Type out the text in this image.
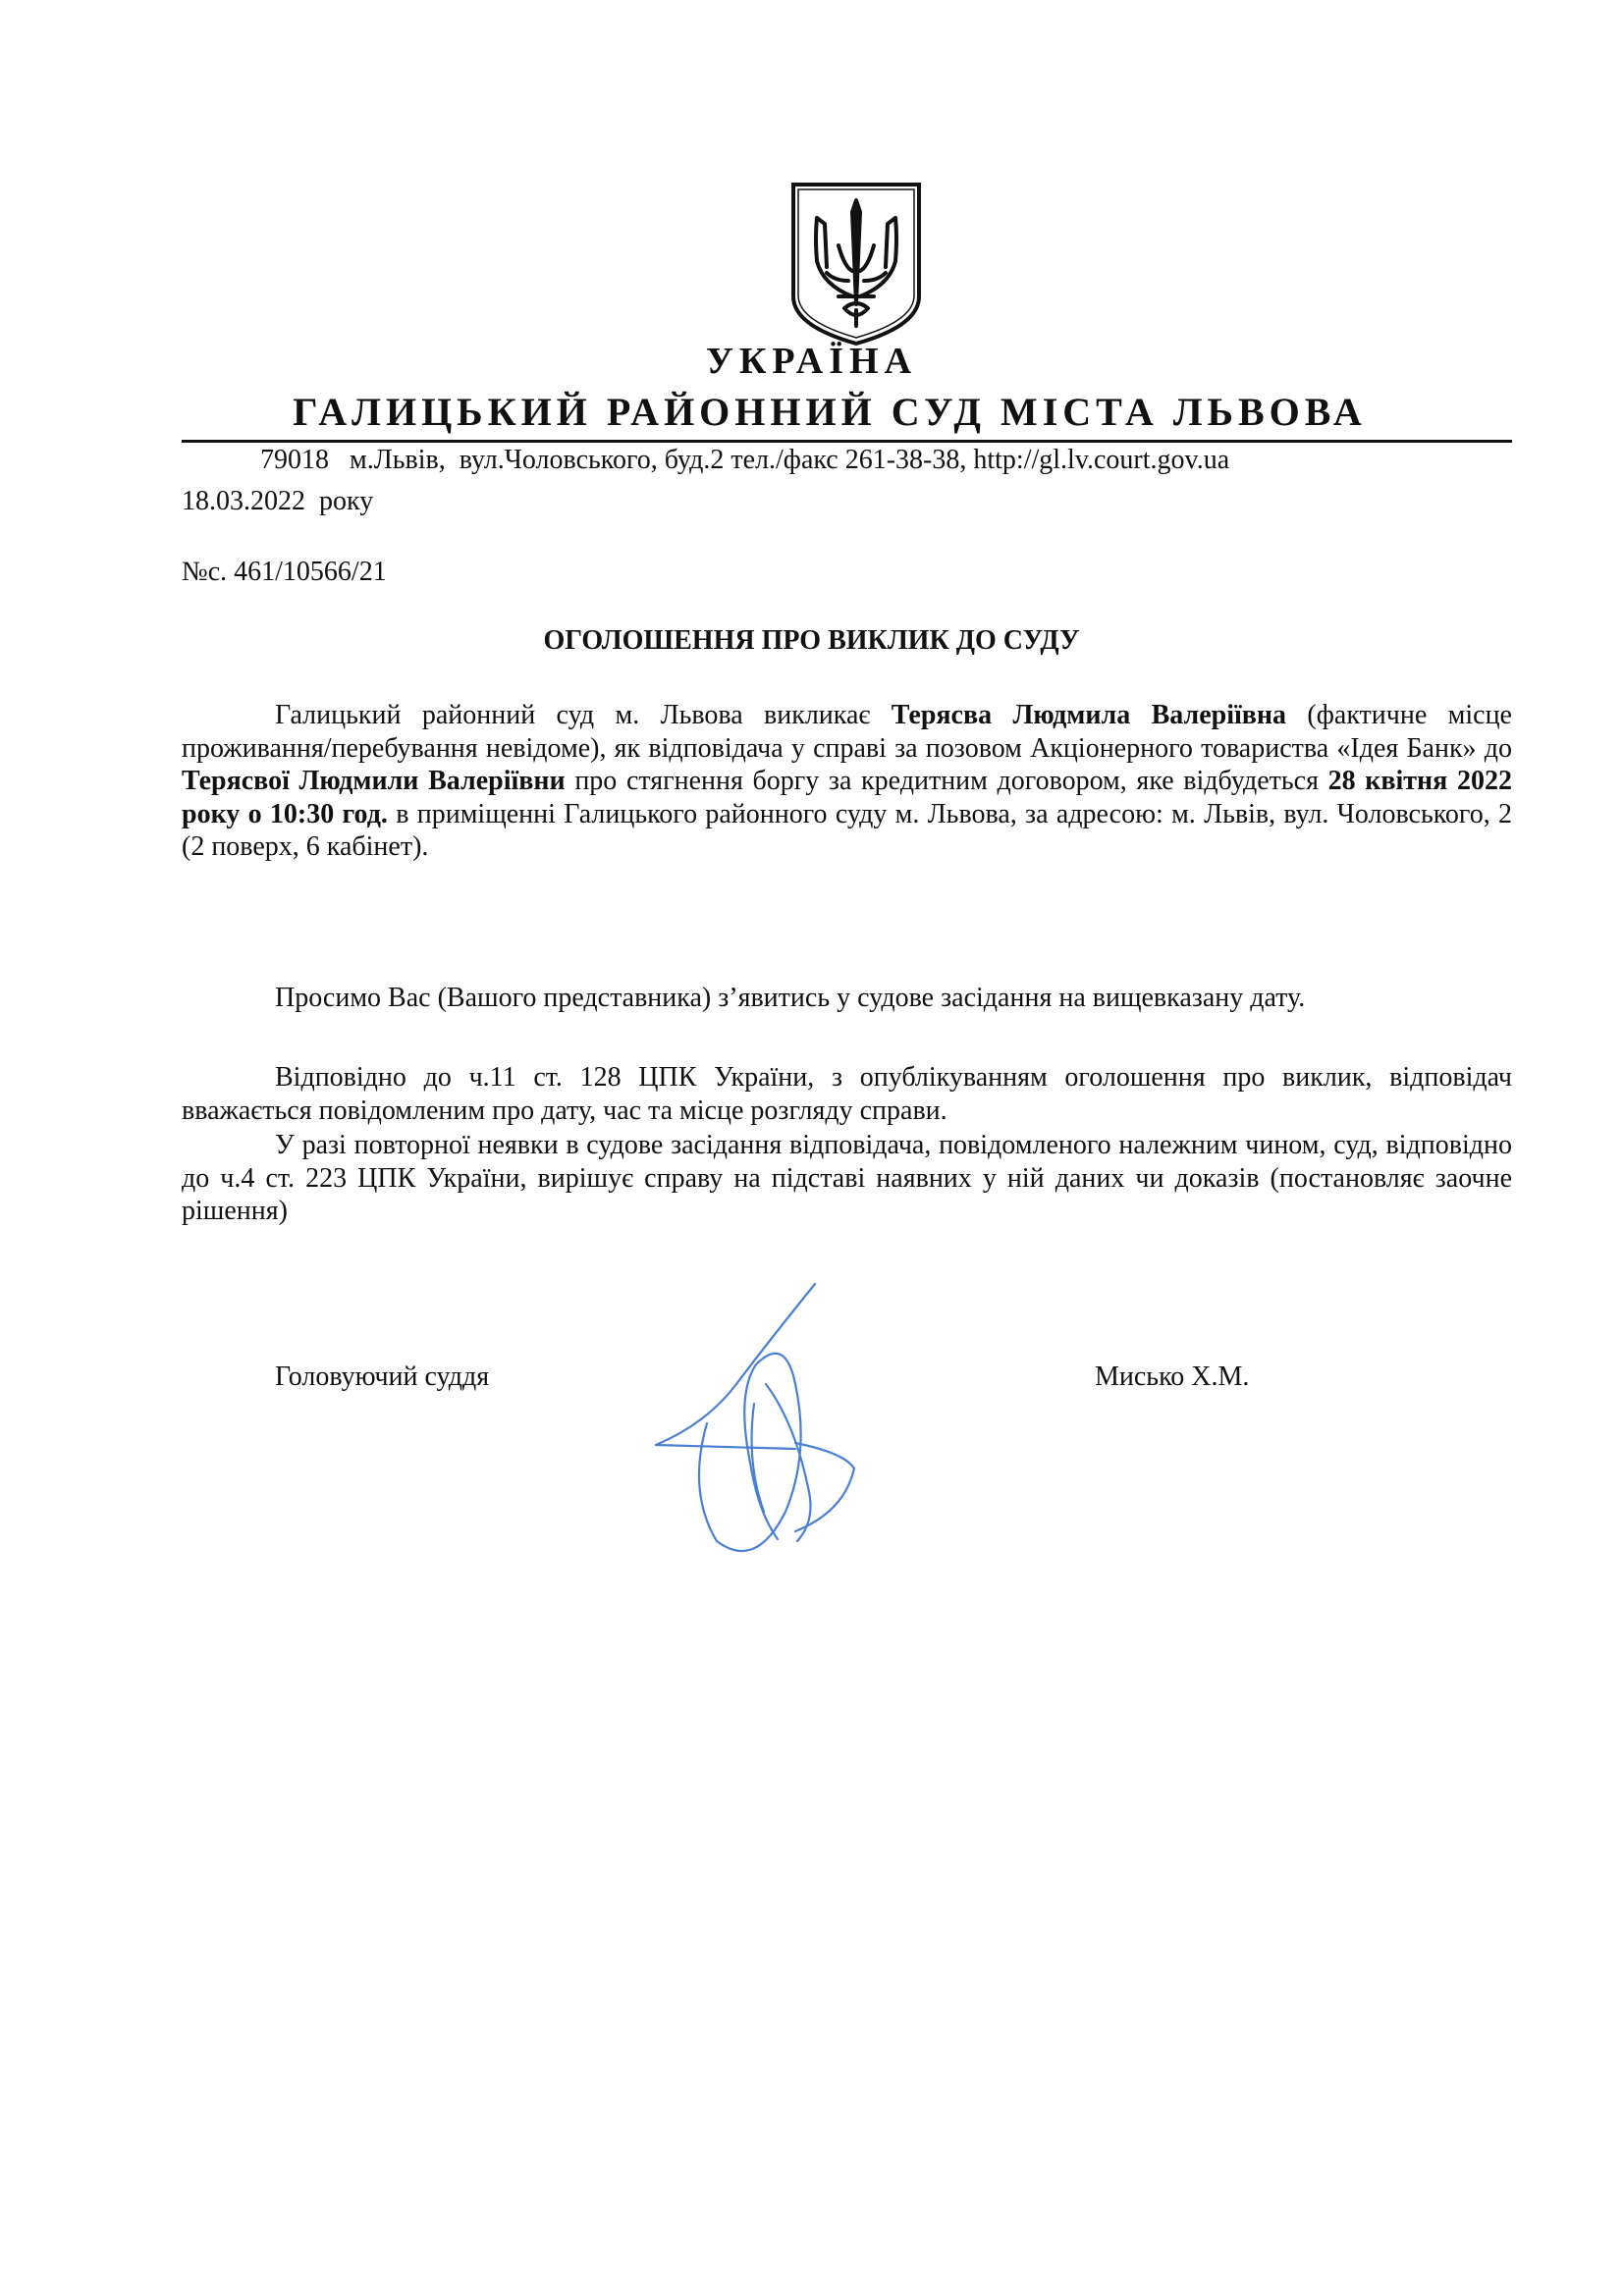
УКРАЇНА
ГАЛИЦЬКИЙ РАЙОННИЙ СУД МІСТА ЛЬВОВА
79018   м.Львів,  вул.Чоловського, буд.2 тел./факс 261-38-38, http://gl.lv.court.gov.ua
18.03.2022  року
№с. 461/10566/21
ОГОЛОШЕННЯ ПРО ВИКЛИК ДО СУДУ

Галицький районний суд м. Львова викликає Терясва Людмила Валеріївна (фактичне місце проживання/перебування невідоме), як відповідача у справі за позовом Акціонерного товариства «Ідея Банк» до Терясвої Людмили Валеріївни про стягнення боргу за кредитним договором, яке відбудеться 28 квітня 2022 року о 10:30 год. в приміщенні Галицького районного суду м. Львова, за адресою: м. Львів, вул. Чоловського, 2 (2 поверх, 6 кабінет).

Просимо Вас (Вашого представника) з’явитись у судове засідання на вищевказану дату.

Відповідно до ч.11 ст. 128 ЦПК України, з опублікуванням оголошення про виклик, відповідач вважається повідомленим про дату, час та місце розгляду справи.

У разі повторної неявки в судове засідання відповідача, повідомленого належним чином, суд, відповідно до ч.4 ст. 223 ЦПК України, вирішує справу на підставі наявних у ній даних чи доказів (постановляє заочне рішення)

Головуючий суддя	Мисько Х.М.
